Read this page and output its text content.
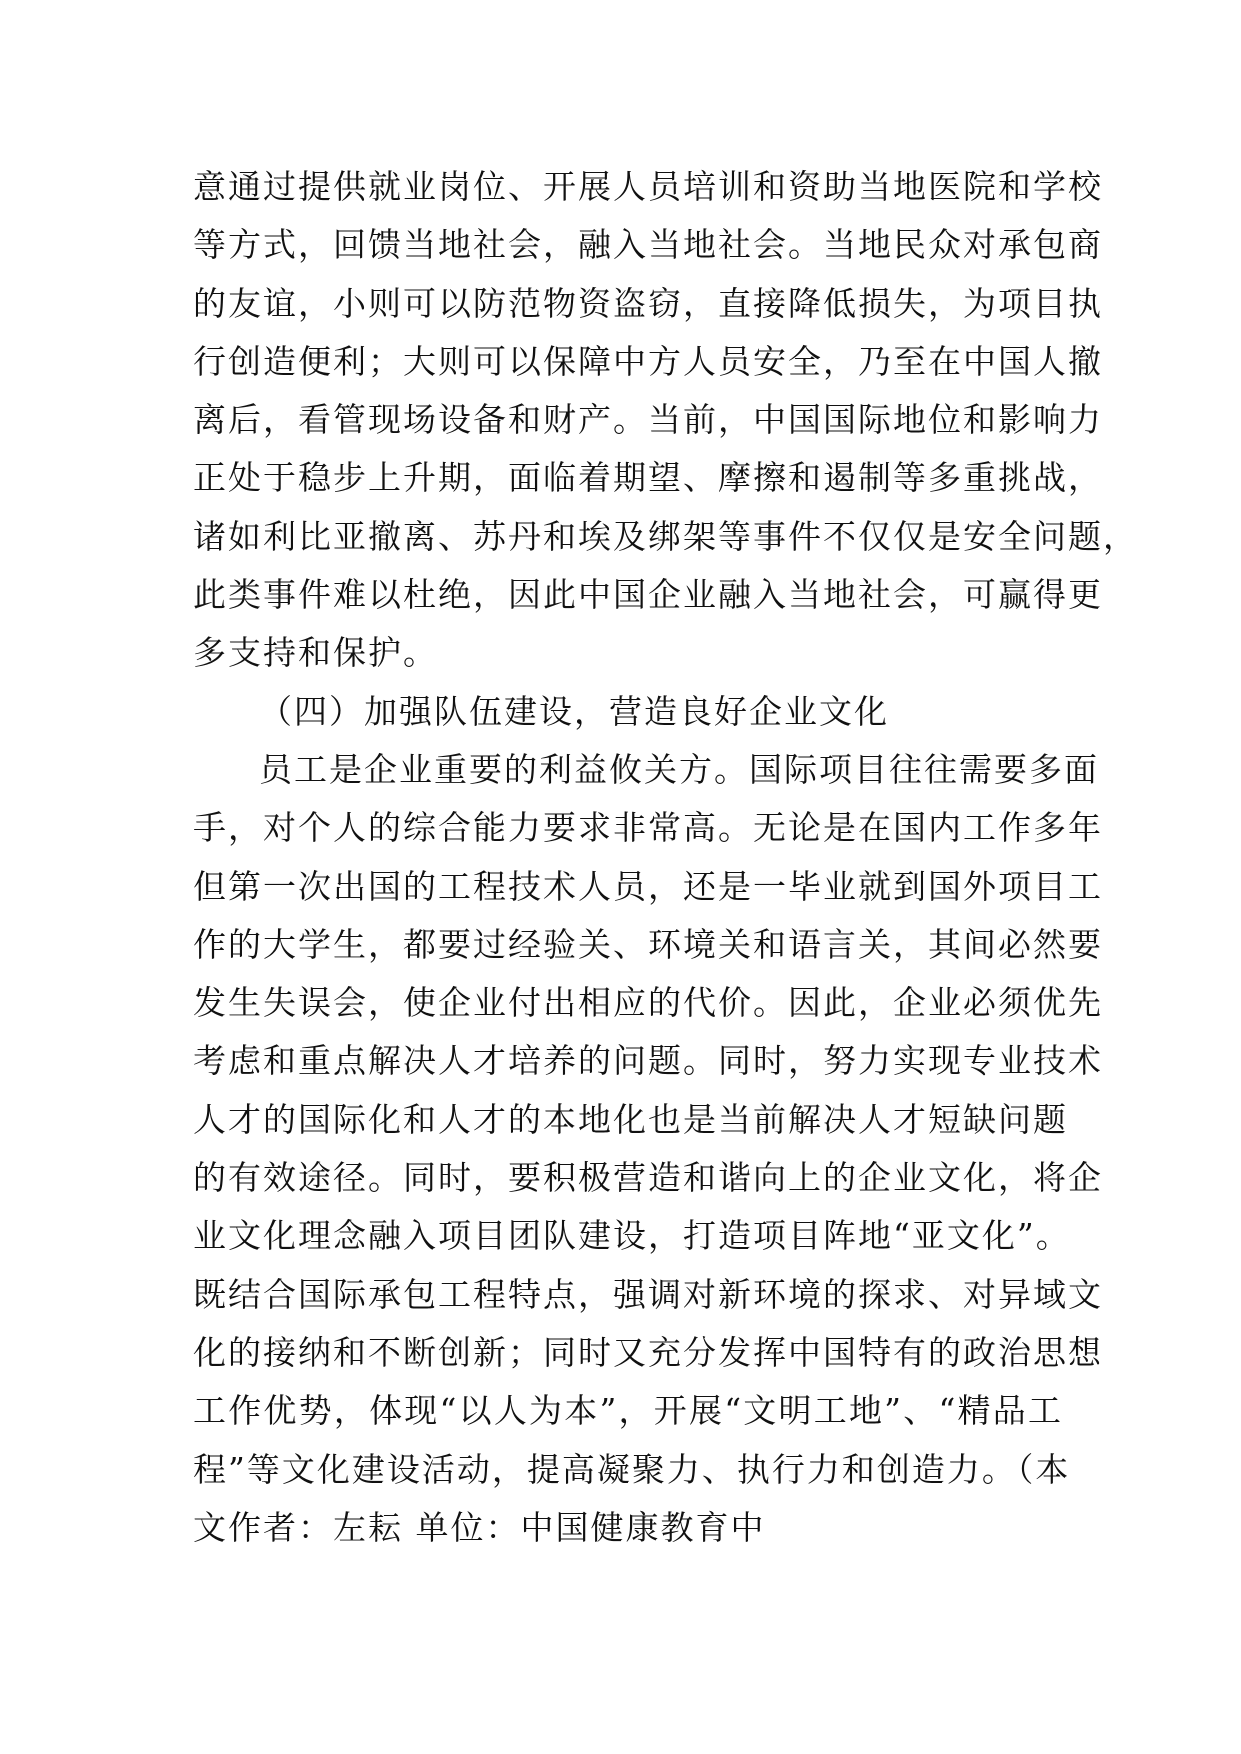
意通过提供就业岗位、开展人员培训和资助当地医院和学校
等方式，回馈当地社会，融入当地社会。当地民众对承包商
的友谊，小则可以防范物资盗窃，直接降低损失，为项目执
行创造便利；大则可以保障中方人员安全，乃至在中国人撤
离后，看管现场设备和财产。当前，中国国际地位和影响力
正处于稳步上升期，面临着期望、摩擦和遏制等多重挑战，
诸如利比亚撤离、苏丹和埃及绑架等事件不仅仅是安全问题，
此类事件难以杜绝，因此中国企业融入当地社会，可赢得更
多支持和保护。
（四）加强队伍建设，营造良好企业文化
员工是企业重要的利益攸关方。国际项目往往需要多面
手，对个人的综合能力要求非常高。无论是在国内工作多年
但第一次出国的工程技术人员，还是一毕业就到国外项目工
作的大学生，都要过经验关、环境关和语言关，其间必然要
发生失误会，使企业付出相应的代价。因此，企业必须优先
考虑和重点解决人才培养的问题。同时，努力实现专业技术
人才的国际化和人才的本地化也是当前解决人才短缺问题
的有效途径。同时，要积极营造和谐向上的企业文化，将企
业文化理念融入项目团队建设，打造项目阵地“亚文化”。
既结合国际承包工程特点，强调对新环境的探求、对异域文
化的接纳和不断创新；同时又充分发挥中国特有的政治思想
工作优势，体现“以人为本”，开展“文明工地”、“精品工
程”等文化建设活动，提高凝聚力、执行力和创造力。（本
文作者：左耘 单位：中国健康教育中
